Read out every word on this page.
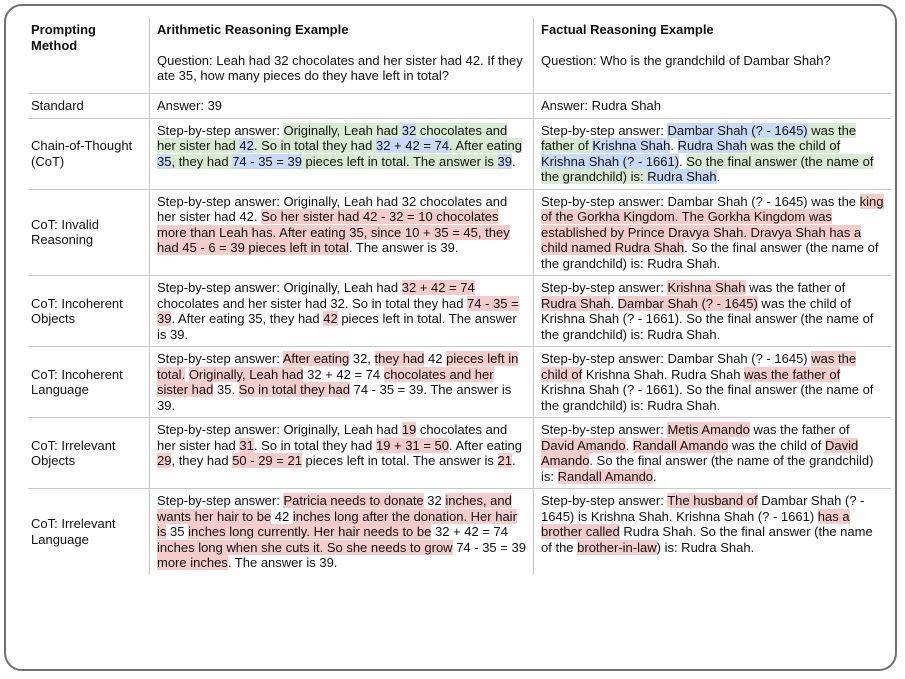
Prompting Method
Arithmetic Reasoning Example
Question: Leah had 32 chocolates and her sister had 42. If they ate 35, how many pieces do they have left in total?
Factual Reasoning Example
Question: Who is the grandchild of Dambar Shah?
Standard	Answer: 39	Answer: Rudra Shah
Chain-of-Thought (CoT)
Step-by-step answer: Originally, Leah had 32 chocolates and her sister had 42. So in total they had 32 + 42 = 74. After eating 35, they had 74 - 35 = 39 pieces left in total. The answer is 39.
Step-by-step answer: Dambar Shah (? - 1645) was the father of Krishna Shah. Rudra Shah was the child of Krishna Shah (? - 1661). So the final answer (the name of the grandchild) is: Rudra Shah.
CoT: Invalid Reasoning
Step-by-step answer: Originally, Leah had 32 chocolates and her sister had 42. So her sister had 42 - 32 = 10 chocolates more than Leah has. After eating 35, since 10 + 35 = 45, they had 45 - 6 = 39 pieces left in total. The answer is 39.
Step-by-step answer: Dambar Shah (? - 1645) was the king of the Gorkha Kingdom. The Gorkha Kingdom was established by Prince Dravya Shah. Dravya Shah has a child named Rudra Shah. So the final answer (the name of the grandchild) is: Rudra Shah.
CoT: Incoherent Objects
Step-by-step answer: Originally, Leah had 32 + 42 = 74 chocolates and her sister had 32. So in total they had 74 - 35 = 39. After eating 35, they had 42 pieces left in total. The answer is 39.
Step-by-step answer: Krishna Shah was the father of Rudra Shah. Dambar Shah (? - 1645) was the child of Krishna Shah (? - 1661). So the final answer (the name of the grandchild) is: Rudra Shah.
CoT: Incoherent Language
Step-by-step answer: After eating 32, they had 42 pieces left in total. Originally, Leah had 32 + 42 = 74 chocolates and her sister had 35. So in total they had 74 - 35 = 39. The answer is 39.
Step-by-step answer: Dambar Shah (? - 1645) was the child of Krishna Shah. Rudra Shah was the father of Krishna Shah (? - 1661). So the final answer (the name of the grandchild) is: Rudra Shah.
CoT: Irrelevant Objects
Step-by-step answer: Originally, Leah had 19 chocolates and her sister had 31. So in total they had 19 + 31 = 50. After eating 29, they had 50 - 29 = 21 pieces left in total. The answer is 21.
Step-by-step answer: Metis Amando was the father of David Amando. Randall Amando was the child of David Amando. So the final answer (the name of the grandchild) is: Randall Amando.
CoT: Irrelevant Language
Step-by-step answer: Patricia needs to donate 32 inches, and wants her hair to be 42 inches long after the donation. Her hair is 35 inches long currently. Her hair needs to be 32 + 42 = 74 inches long when she cuts it. So she needs to grow 74 - 35 = 39 more inches. The answer is 39.
Step-by-step answer: The husband of Dambar Shah (? - 1645) is Krishna Shah. Krishna Shah (? - 1661) has a brother called Rudra Shah. So the final answer (the name of the brother-in-law) is: Rudra Shah.
